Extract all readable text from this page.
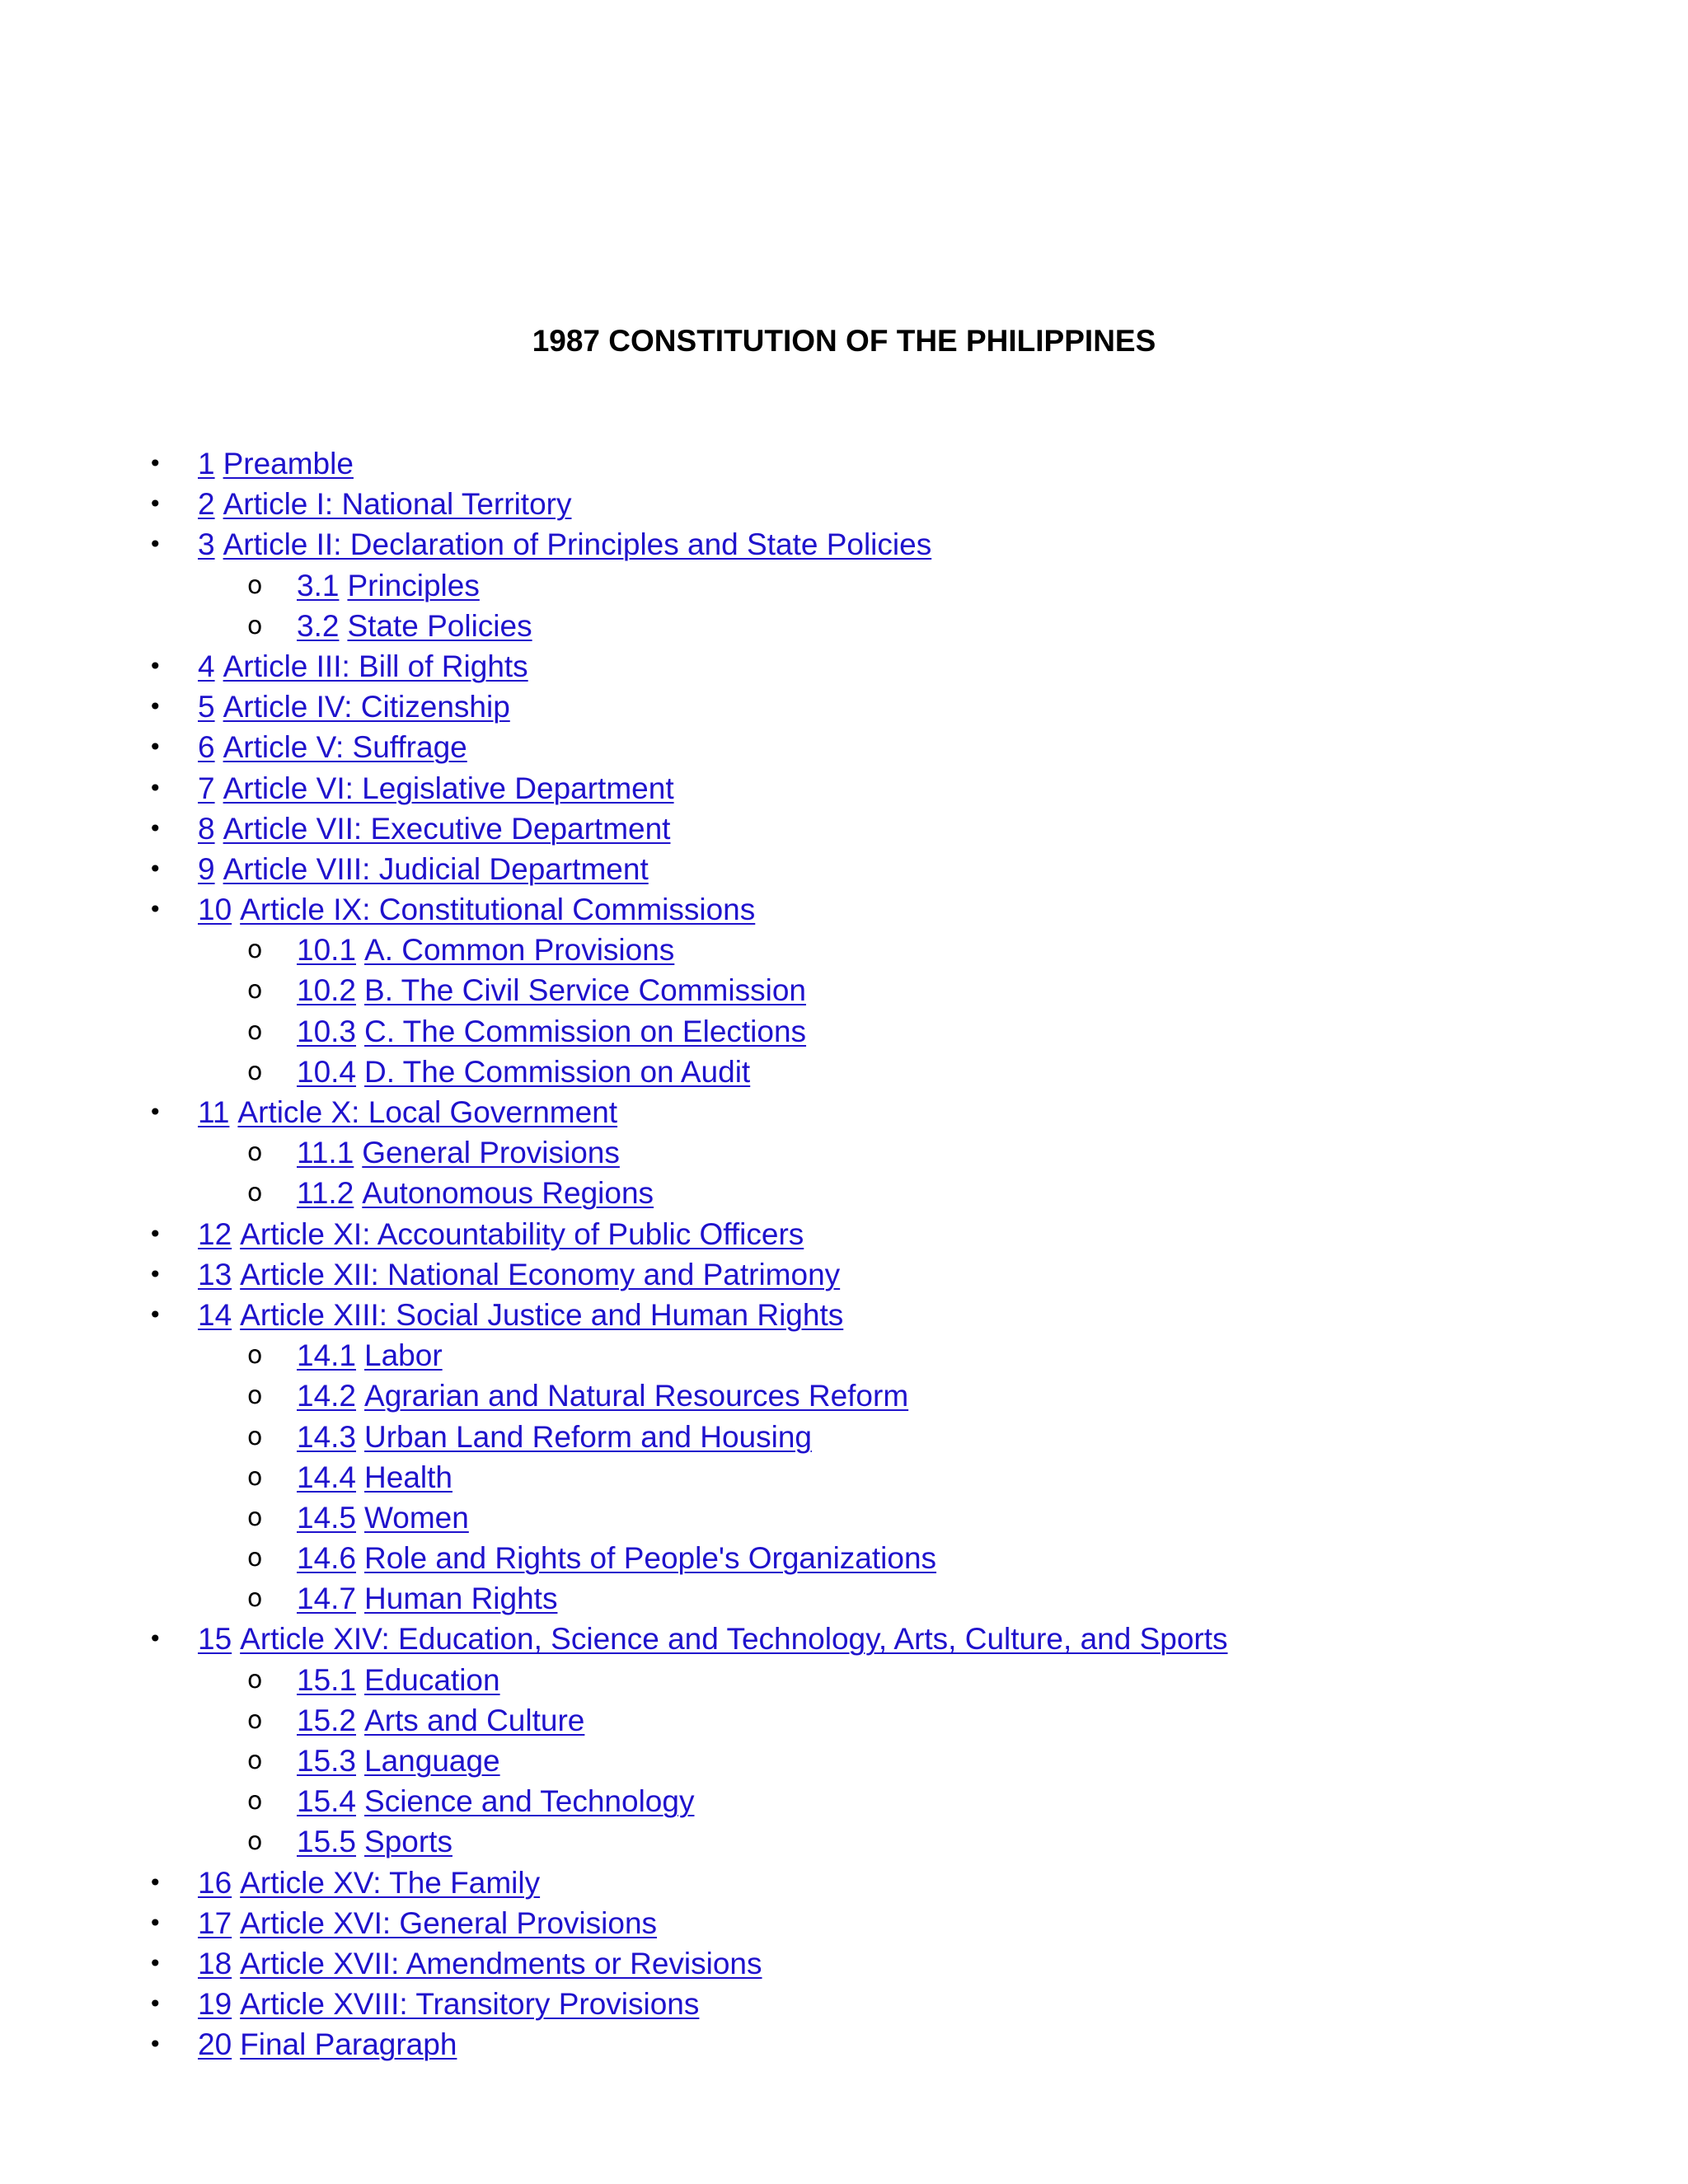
1987 CONSTITUTION OF THE PHILIPPINES
• 1 Preamble
• 2 Article I: National Territory
• 3 Article II: Declaration of Principles and State Policies
o 3.1 Principles
o 3.2 State Policies
• 4 Article III: Bill of Rights
• 5 Article IV: Citizenship
• 6 Article V: Suffrage
• 7 Article VI: Legislative Department
• 8 Article VII: Executive Department
• 9 Article VIII: Judicial Department
• 10 Article IX: Constitutional Commissions
o 10.1 A. Common Provisions
o 10.2 B. The Civil Service Commission
o 10.3 C. The Commission on Elections
o 10.4 D. The Commission on Audit
• 11 Article X: Local Government
o 11.1 General Provisions
o 11.2 Autonomous Regions
• 12 Article XI: Accountability of Public Officers
• 13 Article XII: National Economy and Patrimony
• 14 Article XIII: Social Justice and Human Rights
o 14.1 Labor
o 14.2 Agrarian and Natural Resources Reform
o 14.3 Urban Land Reform and Housing
o 14.4 Health
o 14.5 Women
o 14.6 Role and Rights of People's Organizations
o 14.7 Human Rights
• 15 Article XIV: Education, Science and Technology, Arts, Culture, and Sports
o 15.1 Education
o 15.2 Arts and Culture
o 15.3 Language
o 15.4 Science and Technology
o 15.5 Sports
• 16 Article XV: The Family
• 17 Article XVI: General Provisions
• 18 Article XVII: Amendments or Revisions
• 19 Article XVIII: Transitory Provisions
• 20 Final Paragraph
